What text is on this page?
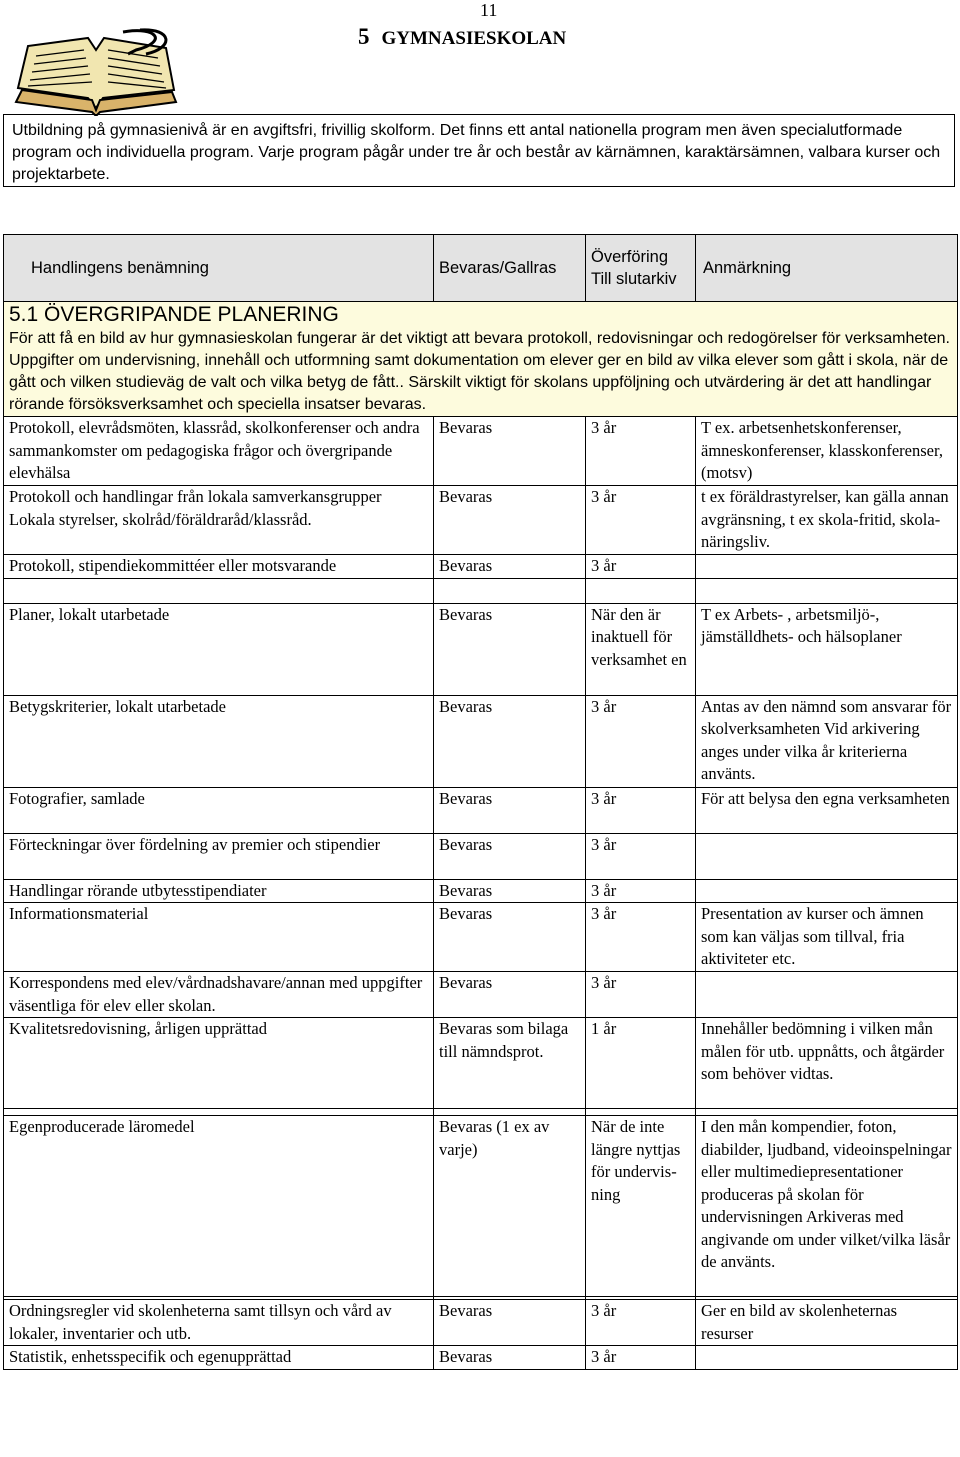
11
5 GYMNASIESKOLAN
Utbildning på gymnasienivå är en avgiftsfri, frivillig skolform. Det finns ett antal nationella program men även specialutformade program och individuella program. Varje program pågår under tre år och består av kärnämnen, karaktärsämnen, valbara kurser och projektarbete.
Handlingens benämning	Bevaras/Gallras	Överföring Till slutarkiv	Anmärkning

5.1 ÖVERGRIPANDE PLANERING
För att få en bild av hur gymnasieskolan fungerar är det viktigt att bevara protokoll, redovisningar och redogörelser för verksamheten. Uppgifter om undervisning, innehåll och utformning samt dokumentation om elever ger en bild av vilka elever som gått i skola, när de gått och vilken studieväg de valt och vilka betyg de fått.. Särskilt viktigt för skolans uppföljning och utvärdering är det att handlingar rörande försöksverksamhet och speciella insatser bevaras.			

Protokoll, elevrådsmöten, klassråd, skolkonferenser och andra sammankomster om pedagogiska frågor och övergripande elevhälsa	Bevaras	3 år	T ex. arbetsenhetskonferenser, ämneskonferenser, klasskonferenser, (motsv)
Protokoll och handlingar från lokala samverkansgrupper Lokala styrelser, skolråd/föräldraråd/klassråd.	Bevaras	3 år	t ex föräldrastyrelser, kan gälla annan avgränsning, t ex skola-fritid, skola-näringsliv.
Protokoll, stipendiekommittéer eller motsvarande	Bevaras	3 år	

Planer, lokalt utarbetade	Bevaras	När den är inaktuell för verksamhet en	T ex Arbets- , arbetsmiljö-, jämställdhets- och hälsoplaner
Betygskriterier, lokalt utarbetade	Bevaras	3 år	Antas av den nämnd som ansvarar för skolverksamheten Vid arkivering anges under vilka år kriterierna använts.
Fotografier, samlade	Bevaras	3 år	För att belysa den egna verksamheten
Förteckningar över fördelning av premier och stipendier	Bevaras	3 år	
Handlingar rörande utbytesstipendiater	Bevaras	3 år	
Informationsmaterial	Bevaras	3 år	Presentation av kurser och ämnen som kan väljas som tillval, fria aktiviteter etc.
Korrespondens med elev/vårdnadshavare/annan med uppgifter väsentliga för elev eller skolan.	Bevaras	3 år	
Kvalitetsredovisning, årligen upprättad	Bevaras som bilaga till nämndsprot.	1 år	Innehåller bedömning i vilken mån målen för utb. uppnåtts, och åtgärder som behöver vidtas.

Egenproducerade läromedel	Bevaras (1 ex av varje)	När de inte längre nyttjas för undervis-ning	I den mån kompendier, foton, diabilder, ljudband, videoinspelningar eller multimediepresentationer produceras på skolan för undervisningen Arkiveras med angivande om under vilket/vilka läsår de använts.

Ordningsregler vid skolenheterna samt tillsyn och vård av lokaler, inventarier och utb.	Bevaras	3 år	Ger en bild av skolenheternas resurser
Statistik, enhetsspecifik och egenupprättad	Bevaras	3 år	
